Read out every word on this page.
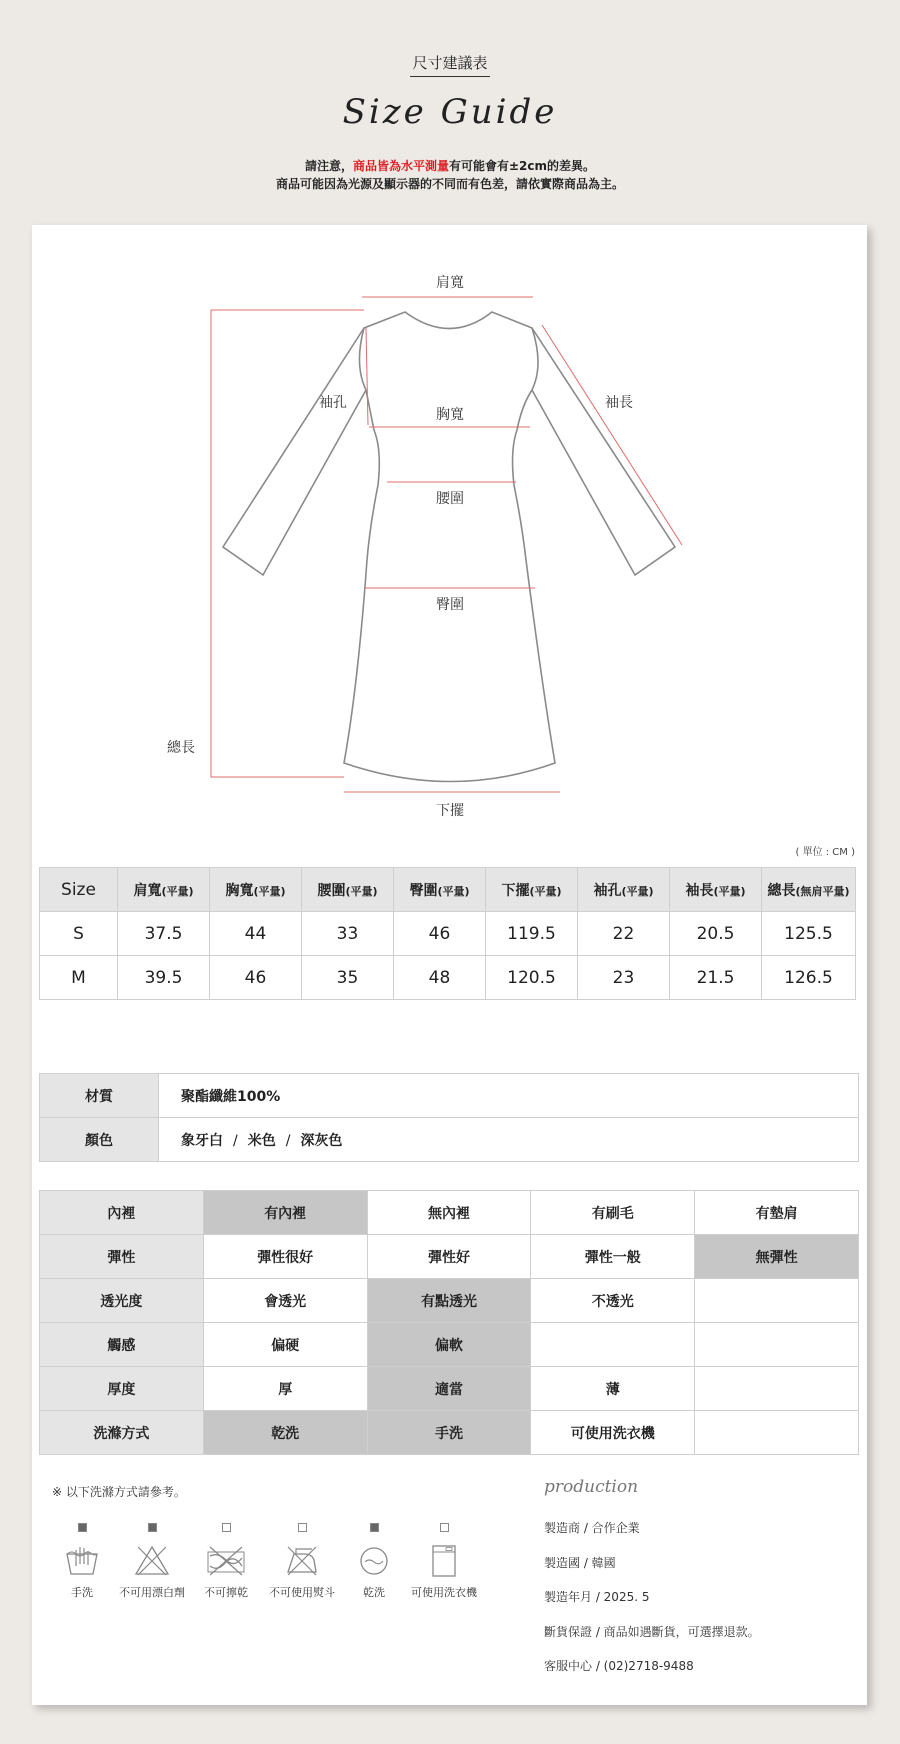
尺寸建議表
Size Guide
請注意，商品皆為水平測量有可能會有±2cm的差異。
商品可能因為光源及顯示器的不同而有色差，請依實際商品為主。
肩寬
袖孔
胸寬
袖長
腰圍
臀圍
總長
下擺
( 單位 : CM )
Size	肩寬(平量)	胸寬(平量)	腰圍(平量)	臀圍(平量)	下擺(平量)	袖孔(平量)	袖長(平量)	總長(無肩平量)
S	37.5	44	33	46	119.5	22	20.5	125.5
M	39.5	46	35	48	120.5	23	21.5	126.5
材質	聚酯纖維100%
顏色	象牙白 / 米色 / 深灰色
內裡	有內裡	無內裡	有刷毛	有墊肩
彈性	彈性很好	彈性好	彈性一般	無彈性
透光度	會透光	有點透光	不透光	
觸感	偏硬	偏軟		
厚度	厚	適當	薄	
洗滌方式	乾洗	手洗	可使用洗衣機	
※ 以下洗滌方式請參考。
手洗	不可用漂白劑	不可擰乾	不可使用熨斗	乾洗	可使用洗衣機
production
製造商 / 合作企業
製造國 / 韓國
製造年月 / 2025. 5
斷貨保證 / 商品如遇斷貨，可選擇退款。
客服中心 / (02)2718-9488
